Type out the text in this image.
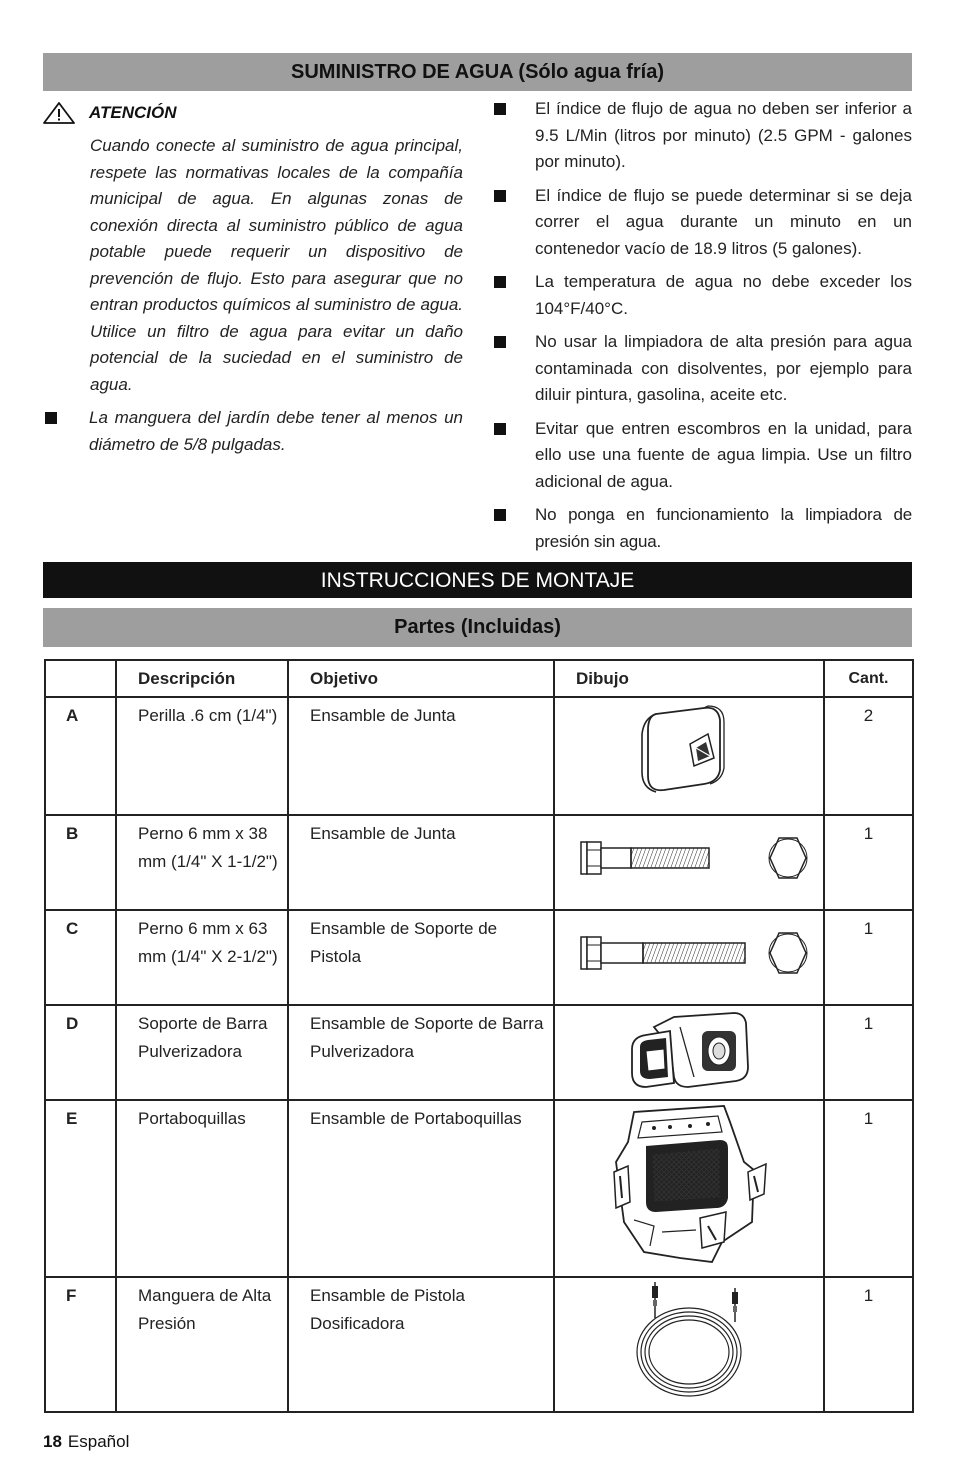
SUMINISTRO DE AGUA (Sólo agua fría)
ATENCIÓN

Cuando conecte al suministro de agua principal, respete las normativas locales de la compañía municipal de agua. En algunas zonas de conexión directa al suministro público de agua potable puede requerir un dispositivo de prevención de flujo. Esto para asegurar que no entran productos químicos al suministro de agua. Utilice un filtro de agua para evitar un daño potencial de la suciedad en el suministro de agua.

La manguera del jardín debe tener al menos un diámetro de 5/8 pulgadas.

El índice de flujo de agua no deben ser inferior a 9.5 L/Min (litros por minuto) (2.5 GPM - galones por minuto).

El índice de flujo se puede determinar si se deja correr el agua durante un minuto en un contenedor vacío de 18.9 litros (5 galones).

La temperatura de agua no debe exceder los 104°F/40°C.

No usar la limpiadora de alta presión para agua contaminada con disolventes, por ejemplo para diluir pintura, gasolina, aceite etc.

Evitar que entren escombros en la unidad, para ello use una fuente de agua limpia. Use un filtro adicional de agua.

No ponga en funcionamiento la limpiadora de presión sin agua.

INSTRUCCIONES DE MONTAJE
Partes (Incluidas)
	Descripción	Objetivo	Dibujo	Cant.
A	Perilla .6 cm (1/4")	Ensamble de Junta		2
B	Perno 6 mm x 38 mm (1/4" X 1-1/2")	Ensamble de Junta		1
C	Perno 6 mm x 63 mm (1/4" X 2-1/2")	Ensamble de Soporte de Pistola		1
D	Soporte de Barra Pulverizadora	Ensamble de Soporte de Barra Pulverizadora		1
E	Portaboquillas	Ensamble de Portaboquillas		1
F	Manguera de Alta Presión	Ensamble de Pistola Dosificadora		1
18 Español
